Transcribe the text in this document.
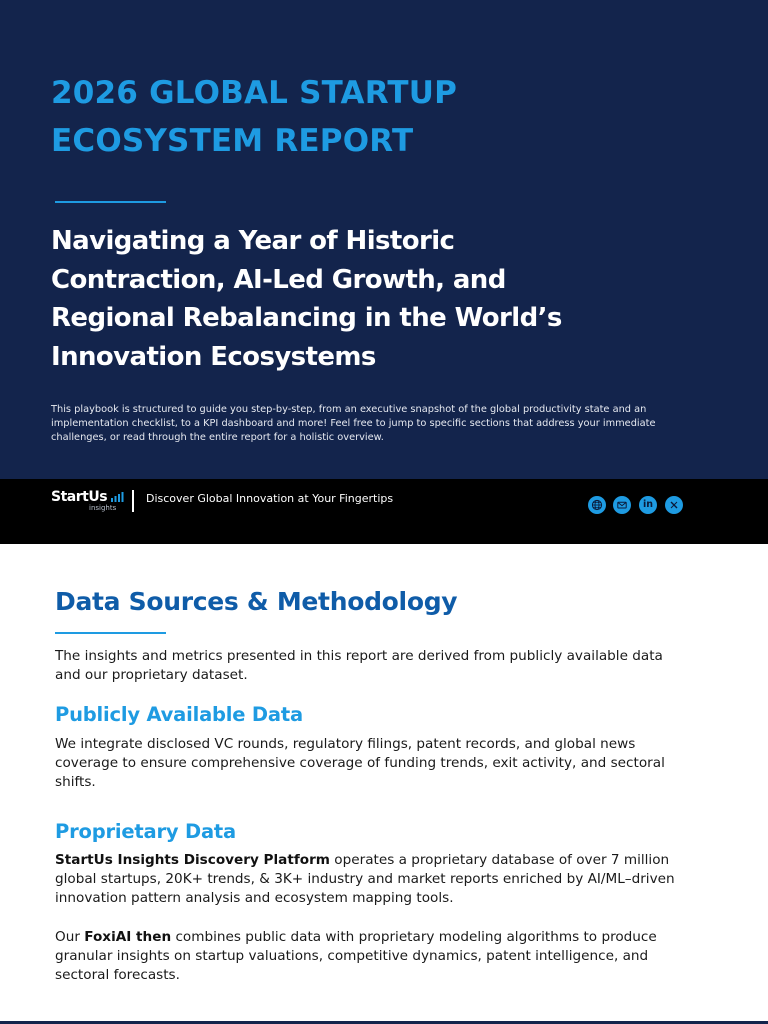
2026 GLOBAL STARTUP
ECOSYSTEM REPORT
Navigating a Year of Historic
Contraction, AI-Led Growth, and
Regional Rebalancing in the World’s
Innovation Ecosystems

This playbook is structured to guide you step-by-step, from an executive snapshot of the global productivity state and an
implementation checklist, to a KPI dashboard and more! Feel free to jump to specific sections that address your immediate
challenges, or read through the entire report for a holistic overview.

StartUs
insights
Discover Global Innovation at Your Fingertips	in
Data Sources & Methodology

The insights and metrics presented in this report are derived from publicly available data
and our proprietary dataset.

Publicly Available Data

We integrate disclosed VC rounds, regulatory filings, patent records, and global news
coverage to ensure comprehensive coverage of funding trends, exit activity, and sectoral
shifts.

Proprietary Data

StartUs Insights Discovery Platform operates a proprietary database of over 7 million
global startups, 20K+ trends, & 3K+ industry and market reports enriched by AI/ML–driven
innovation pattern analysis and ecosystem mapping tools.

Our FoxiAI then combines public data with proprietary modeling algorithms to produce
granular insights on startup valuations, competitive dynamics, patent intelligence, and
sectoral forecasts.
